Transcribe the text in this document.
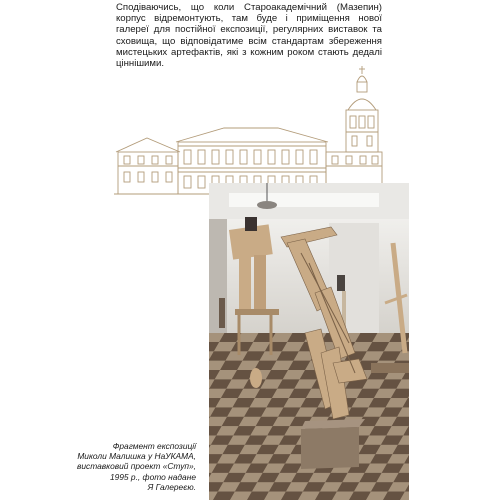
Сподіваючись, що коли Староакадемічний (Мазепин) корпус відремонтують, там буде і приміщення нової галереї для постійної експозиції, регулярних виставок та сховища, що відповідатиме всім стандартам збереження мистецьких артефактів, які з кожним роком стають дедалі ціннішими.

Фрагмент експозиції
Миколи Малишка у НаУКАМА,
виставковий проект «Ступ»,
1995 р., фото надане
Я Галереєю.
